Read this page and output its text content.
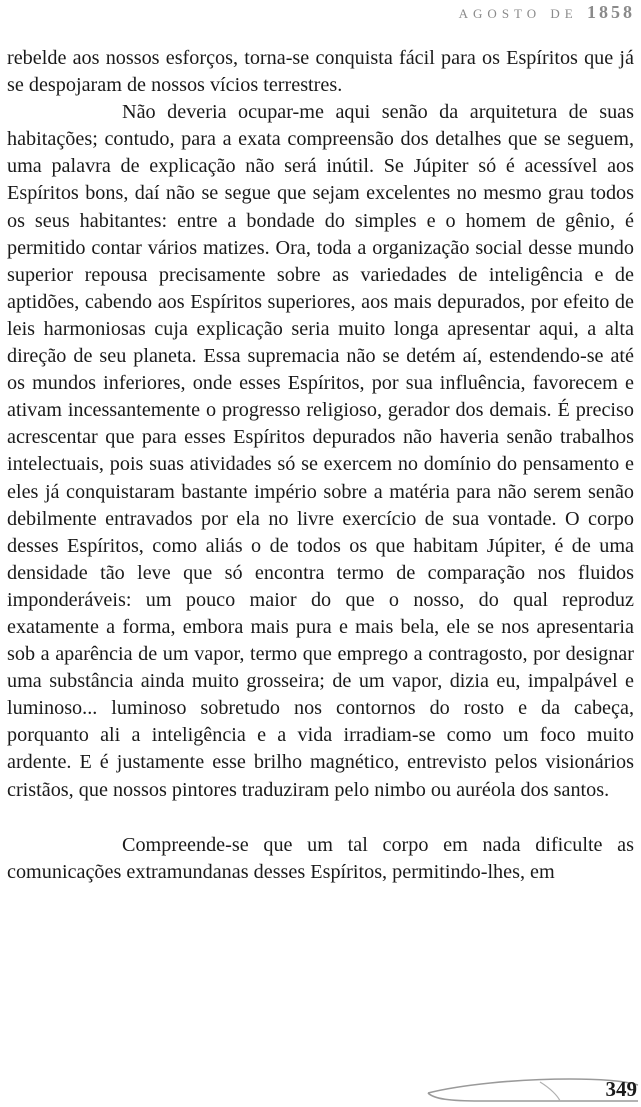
AGOSTO DE 1858

rebelde aos nossos esforços, torna-se conquista fácil para os Espíritos que já se despojaram de nossos vícios terrestres.

Não deveria ocupar-me aqui senão da arquitetura de suas habitações; contudo, para a exata compreensão dos detalhes que se seguem, uma palavra de explicação não será inútil. Se Júpiter só é acessível aos Espíritos bons, daí não se segue que sejam excelentes no mesmo grau todos os seus habitantes: entre a bondade do simples e o homem de gênio, é permitido contar vários matizes. Ora, toda a organização social desse mundo superior repousa precisamente sobre as variedades de inteligência e de aptidões, cabendo aos Espíritos superiores, aos mais depurados, por efeito de leis harmoniosas cuja explicação seria muito longa apresentar aqui, a alta direção de seu planeta. Essa supremacia não se detém aí, estendendo-se até os mundos inferiores, onde esses Espíritos, por sua influência, favorecem e ativam incessantemente o progresso religioso, gerador dos demais. É preciso acrescentar que para esses Espíritos depurados não haveria senão trabalhos intelectuais, pois suas atividades só se exercem no domínio do pensamento e eles já conquistaram bastante império sobre a matéria para não serem senão debilmente entravados por ela no livre exercício de sua vontade. O corpo desses Espíritos, como aliás o de todos os que habitam Júpiter, é de uma densidade tão leve que só encontra termo de comparação nos fluidos imponderáveis: um pouco maior do que o nosso, do qual reproduz exatamente a forma, embora mais pura e mais bela, ele se nos apresentaria sob a aparência de um vapor, termo que emprego a contragosto, por designar uma substância ainda muito grosseira; de um vapor, dizia eu, impalpável e luminoso... luminoso sobretudo nos contornos do rosto e da cabeça, porquanto ali a inteligência e a vida irradiam-se como um foco muito ardente. E é justamente esse brilho magnético, entrevisto pelos visionários cristãos, que nossos pintores traduziram pelo nimbo ou auréola dos santos.

Compreende-se que um tal corpo em nada dificulte as comunicações extramundanas desses Espíritos, permitindo-lhes, em

349
